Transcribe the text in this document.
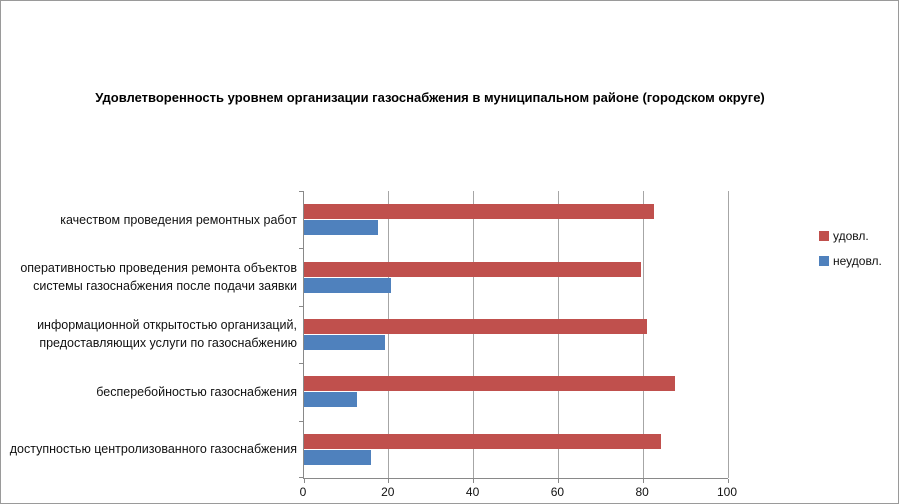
Удовлетворенность уровнем организации газоснабжения в муниципальном районе (городском округе)
качеством проведения ремонтных работ
оперативностью проведения ремонта объектов системы газоснабжения после подачи заявки
информационной открытостью организаций, предоставляющих услуги по газоснабжению
бесперебойностью газоснабжения
доступностью центролизованного газоснабжения
0	20	40	60	80	100
удовл.
неудовл.
